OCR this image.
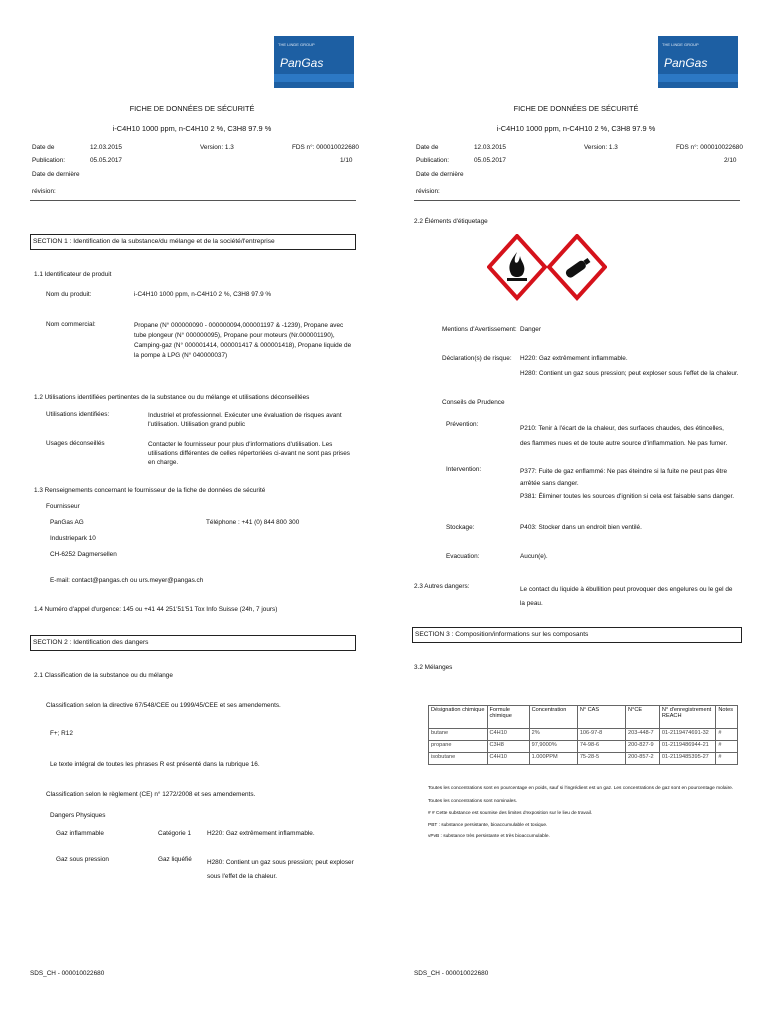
THE LINDE GROUP
PanGas
FICHE DE DONNÉES DE SÉCURITÉ
i-C4H10 1000 ppm, n-C4H10 2 %, C3H8 97.9 %
Date de	12.03.2015	Version: 1.3	FDS n°: 000010022680
Publication:	05.05.2017	1/10
Date de dernière
révision:
SECTION 1 : Identification de la substance/du mélange et de la société/l'entreprise
1.1 Identificateur de produit
Nom du produit:	i-C4H10 1000 ppm, n-C4H10 2 %, C3H8 97.9 %
Nom commercial:	Propane (N° 000000090 - 000000094,000001197 & -1239), Propane avec tube plongeur (N° 000000095), Propane pour moteurs (Nr.000001190), Camping-gaz (N° 000001414, 000001417 & 000001418), Propane liquide de la pompe à LPG (N° 040000037)
1.2 Utilisations identifiées pertinentes de la substance ou du mélange et utilisations déconseillées
Utilisations identifiées:	Industriel et professionnel. Exécuter une évaluation de risques avant l'utilisation. Utilisation grand public
Usages déconseillés	Contacter le fournisseur pour plus d'informations d'utilisation. Les utilisations différentes de celles répertoriées ci-avant ne sont pas prises en charge.
1.3 Renseignements concernant le fournisseur de la fiche de données de sécurité
Fournisseur
PanGas AG	Téléphone : +41 (0) 844 800 300
Industriepark 10
CH-6252 Dagmersellen
E-mail: contact@pangas.ch ou urs.meyer@pangas.ch
1.4 Numéro d'appel d'urgence: 145 ou +41 44 251'51'51 Tox Info Suisse (24h, 7 jours)
SECTION 2 : Identification des dangers
2.1 Classification de la substance ou du mélange
Classification selon la directive 67/548/CEE ou 1999/45/CEE et ses amendements.
F+; R12
Le texte intégral de toutes les phrases R est présenté dans la rubrique 16.
Classification selon le règlement (CE) n° 1272/2008 et ses amendements.
Dangers Physiques
Gaz inflammable	Catégorie 1 H220: Gaz extrêmement inflammable.
Gaz sous pression	Gaz liquéfié H280: Contient un gaz sous pression; peut exploser sous l'effet de la chaleur.
SDS_CH - 000010022680
THE LINDE GROUP
PanGas
FICHE DE DONNÉES DE SÉCURITÉ
i-C4H10 1000 ppm, n-C4H10 2 %, C3H8 97.9 %
Date de	12.03.2015	Version: 1.3	FDS n°: 000010022680
Publication:	05.05.2017	2/10
Date de dernière
révision:
2.2 Éléments d'étiquetage
Mentions d'Avertissement: Danger
Déclaration(s) de risque: H220: Gaz extrêmement inflammable.
H280: Contient un gaz sous pression; peut exploser sous l'effet de la chaleur.
Conseils de Prudence
Prévention:
P210: Tenir à l'écart de la chaleur, des surfaces chaudes, des étincelles, des flammes nues et de toute autre source d'inflammation. Ne pas fumer.
Intervention:	P377: Fuite de gaz enflammé: Ne pas éteindre si la fuite ne peut pas être arrêtée sans danger.
P381: Éliminer toutes les sources d'ignition si cela est faisable sans danger.
Stockage:	P403: Stocker dans un endroit bien ventilé.
Evacuation:	Aucun(e).
2.3 Autres dangers:	Le contact du liquide à ébullition peut provoquer des engelures ou le gel de la peau.
SECTION 3 : Composition/informations sur les composants
3.2 Mélanges
Désignation chimique	Formule chimique	Concentration	N° CAS	N°CE	N° d'enregistrement REACH	Notes
butane	C4H10	2%	106-97-8	203-448-7	01-2119474691-32	#
propane	C3H8	97,9000%	74-98-6	200-827-9	01-2119486944-21	#
isobutane	C4H10	1.000PPM	75-28-5	200-857-2	01-2119485395-27	#
Toutes les concentrations sont en pourcentage en poids, sauf si l'ingrédient est un gaz. Les concentrations de gaz sont en pourcentage molaire.
Toutes les concentrations sont nominales.
# # Cette substance est soumise des limites d'exposition sur le lieu de travail.
PBT : substance persistante, bioaccumulable et toxique.
vPvB : substance très persistante et très bioaccumulable.
SDS_CH - 000010022680
